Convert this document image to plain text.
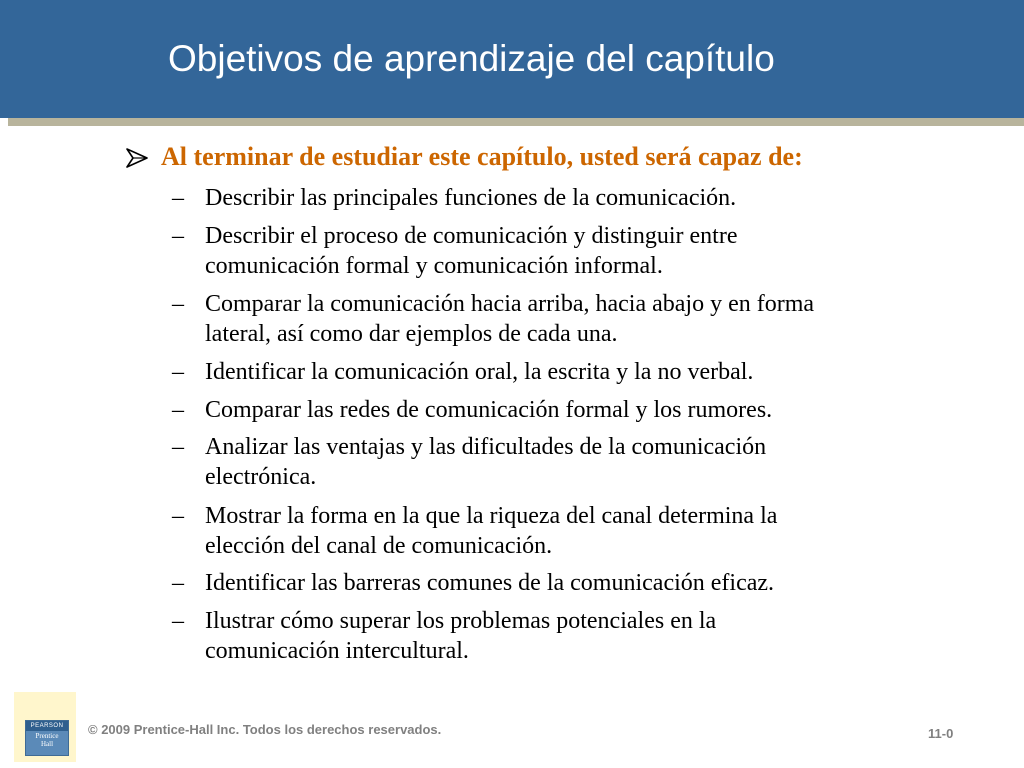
Objetivos de aprendizaje del capítulo
Al terminar de estudiar este capítulo, usted será capaz de:
– Describir las principales funciones de la comunicación.
– Describir el proceso de comunicación y distinguir entre
comunicación formal y comunicación informal.
– Comparar la comunicación hacia arriba, hacia abajo y en forma
lateral, así como dar ejemplos de cada una.
– Identificar la comunicación oral, la escrita y la no verbal.
– Comparar las redes de comunicación formal y los rumores.
– Analizar las ventajas y las dificultades de la comunicación
electrónica.
– Mostrar la forma en la que la riqueza del canal determina la
elección del canal de comunicación.
– Identificar las barreras comunes de la comunicación eficaz.
– Ilustrar cómo superar los problemas potenciales en la
comunicación intercultural.
PEARSON
Prentice
Hall
© 2009 Prentice-Hall Inc. Todos los derechos reservados.	11-0
